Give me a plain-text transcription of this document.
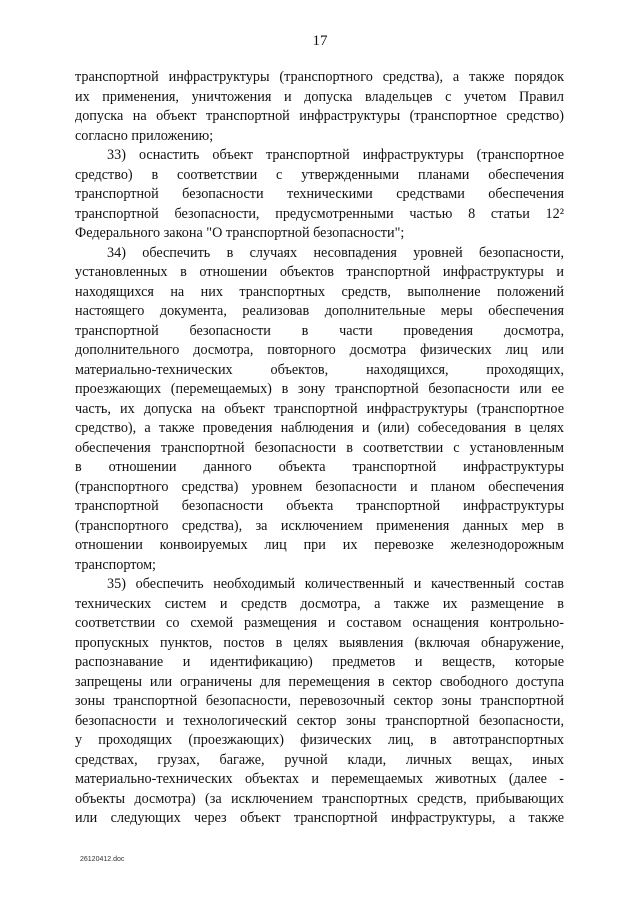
17
транспортной инфраструктуры (транспортного средства), а также порядок
их применения, уничтожения и допуска владельцев с учетом Правил
допуска на объект транспортной инфраструктуры (транспортное средство)
согласно приложению;
33) оснастить объект транспортной инфраструктуры (транспортное
средство) в соответствии с утвержденными планами обеспечения
транспортной безопасности техническими средствами обеспечения
транспортной безопасности, предусмотренными частью 8 статьи 12²
Федерального закона "О транспортной безопасности";
34) обеспечить в случаях несовпадения уровней безопасности,
установленных в отношении объектов транспортной инфраструктуры и
находящихся на них транспортных средств, выполнение положений
настоящего документа, реализовав дополнительные меры обеспечения
транспортной безопасности в части проведения досмотра,
дополнительного досмотра, повторного досмотра физических лиц или
материально-технических объектов, находящихся, проходящих,
проезжающих (перемещаемых) в зону транспортной безопасности или ее
часть, их допуска на объект транспортной инфраструктуры (транспортное
средство), а также проведения наблюдения и (или) собеседования в целях
обеспечения транспортной безопасности в соответствии с установленным
в отношении данного объекта транспортной инфраструктуры
(транспортного средства) уровнем безопасности и планом обеспечения
транспортной безопасности объекта транспортной инфраструктуры
(транспортного средства), за исключением применения данных мер в
отношении конвоируемых лиц при их перевозке железнодорожным
транспортом;
35) обеспечить необходимый количественный и качественный состав
технических систем и средств досмотра, а также их размещение в
соответствии со схемой размещения и составом оснащения контрольно-
пропускных пунктов, постов в целях выявления (включая обнаружение,
распознавание и идентификацию) предметов и веществ, которые
запрещены или ограничены для перемещения в сектор свободного доступа
зоны транспортной безопасности, перевозочный сектор зоны транспортной
безопасности и технологический сектор зоны транспортной безопасности,
у проходящих (проезжающих) физических лиц, в автотранспортных
средствах, грузах, багаже, ручной клади, личных вещах, иных
материально-технических объектах и перемещаемых животных (далее -
объекты досмотра) (за исключением транспортных средств, прибывающих
или следующих через объект транспортной инфраструктуры, а также
26120412.doc
